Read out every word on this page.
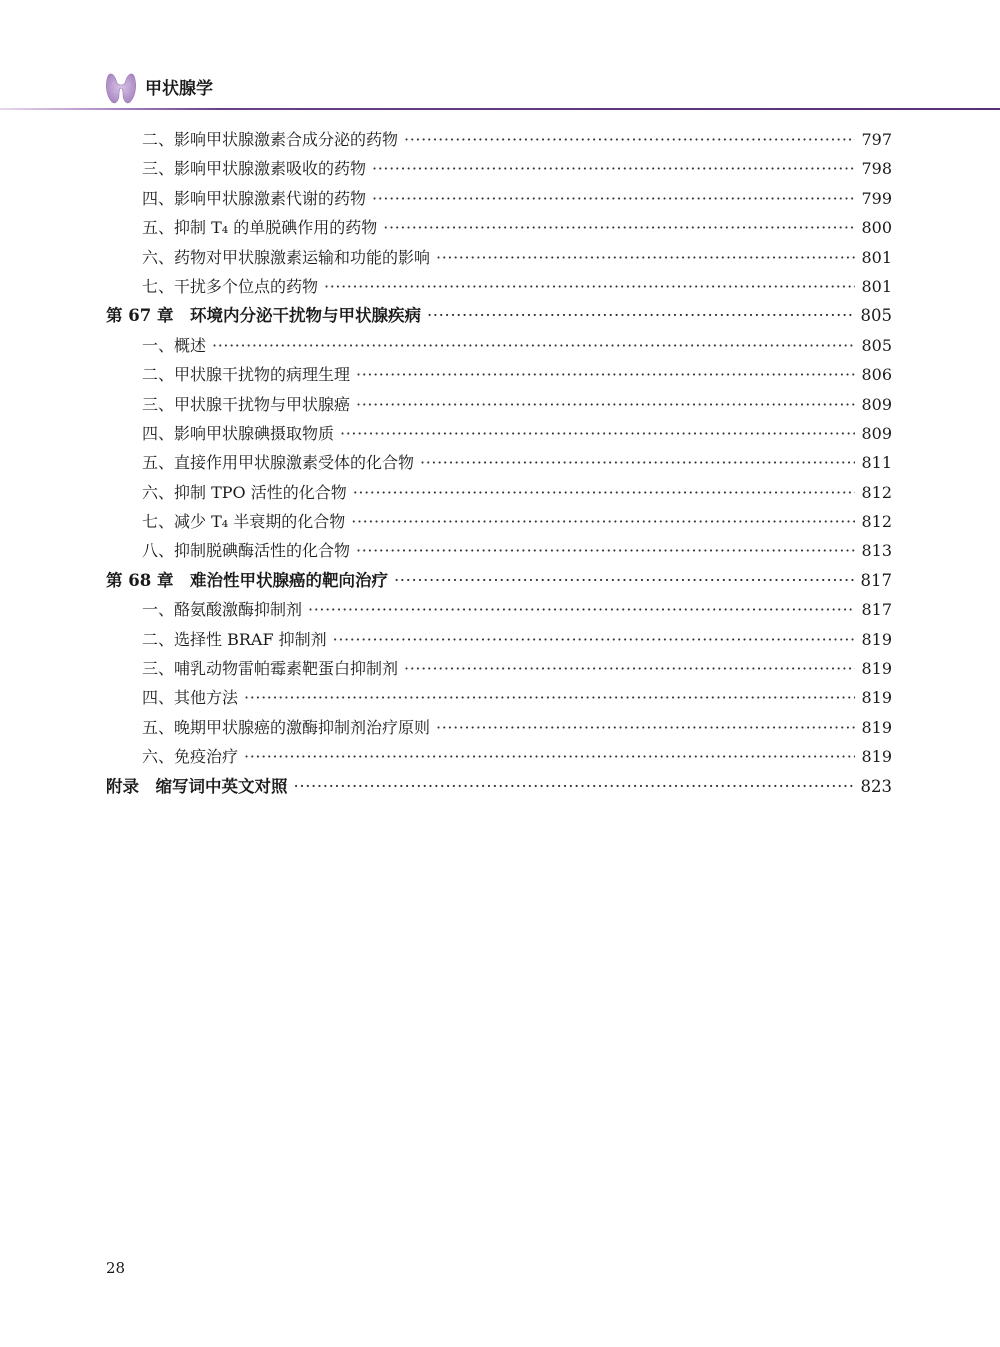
甲状腺学
二、影响甲状腺激素合成分泌的药物 ·····	797
三、影响甲状腺激素吸收的药物 ·····	798
四、影响甲状腺激素代谢的药物 ·····	799
五、抑制 T₄ 的单脱碘作用的药物 ·····	800
六、药物对甲状腺激素运输和功能的影响 ·····	801
七、干扰多个位点的药物 ·····	801
第 67 章　环境内分泌干扰物与甲状腺疾病 ·····	805
一、概述 ·····	805
二、甲状腺干扰物的病理生理 ·····	806
三、甲状腺干扰物与甲状腺癌 ·····	809
四、影响甲状腺碘摄取物质 ·····	809
五、直接作用甲状腺激素受体的化合物 ·····	811
六、抑制 TPO 活性的化合物 ·····	812
七、减少 T₄ 半衰期的化合物 ·····	812
八、抑制脱碘酶活性的化合物 ·····	813
第 68 章　难治性甲状腺癌的靶向治疗 ·····	817
一、酪氨酸激酶抑制剂 ·····	817
二、选择性 BRAF 抑制剂 ·····	819
三、哺乳动物雷帕霉素靶蛋白抑制剂 ·····	819
四、其他方法 ·····	819
五、晚期甲状腺癌的激酶抑制剂治疗原则 ·····	819
六、免疫治疗 ·····	819
附录　缩写词中英文对照 ·····	823
28
